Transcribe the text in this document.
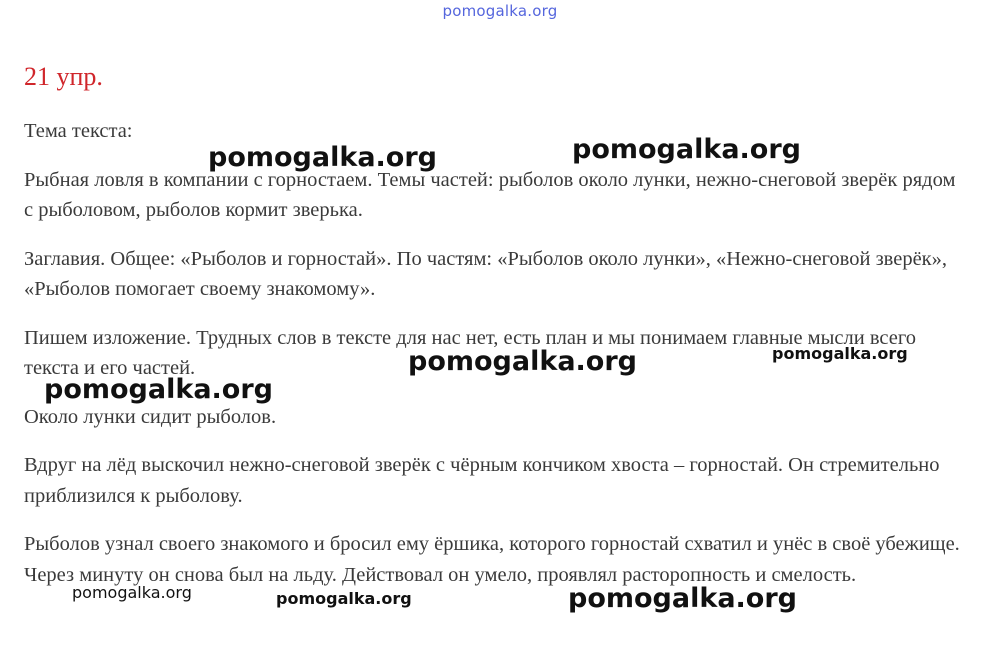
pomogalka.org
21 упр.

Тема текста:

Рыбная ловля в компании с горностаем. Темы частей: рыболов около лунки, нежно-снеговой зверёк рядом с рыболовом, рыболов кормит зверька.

Заглавия. Общее: «Рыболов и горностай». По частям: «Рыболов около лунки», «Нежно-снеговой зверёк», «Рыболов помогает своему знакомому».

Пишем изложение. Трудных слов в тексте для нас нет, есть план и мы понимаем главные мысли всего текста и его частей.

Около лунки сидит рыболов.

Вдруг на лёд выскочил нежно-снеговой зверёк с чёрным кончиком хвоста – горностай. Он стремительно приблизился к рыболову.

Рыболов узнал своего знакомого и бросил ему ёршика, которого горностай схватил и унёс в своё убежище. Через минуту он снова был на льду. Действовал он умело, проявлял расторопность и смелость.

pomogalka.org	pomogalka.org
pomogalka.org	pomogalka.org
pomogalka.org
pomogalka.org	pomogalka.org	pomogalka.org
